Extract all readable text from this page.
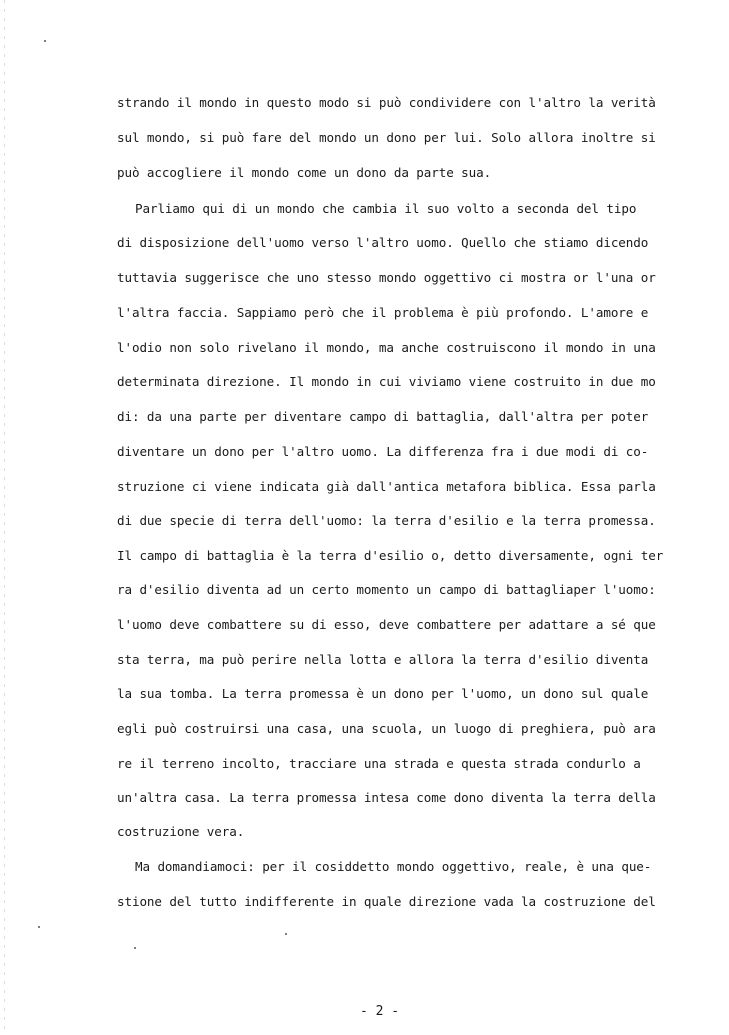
strando il mondo in questo modo si può condividere con l'altro la verità
sul mondo, si può fare del mondo un dono per lui. Solo allora inoltre si
può accogliere il mondo come un dono da parte sua.
Parliamo qui di un mondo che cambia il suo volto a seconda del tipo
di disposizione dell'uomo verso l'altro uomo. Quello che stiamo dicendo
tuttavia suggerisce che uno stesso mondo oggettivo ci mostra or l'una or
l'altra faccia. Sappiamo però che il problema è più profondo. L'amore e
l'odio non solo rivelano il mondo, ma anche costruiscono il mondo in una
determinata direzione. Il mondo in cui viviamo viene costruito in due mo
di: da una parte per diventare campo di battaglia, dall'altra per poter
diventare un dono per l'altro uomo. La differenza fra i due modi di co-
struzione ci viene indicata già dall'antica metafora biblica. Essa parla
di due specie di terra dell'uomo: la terra d'esilio e la terra promessa.
Il campo di battaglia è la terra d'esilio o, detto diversamente, ogni ter
ra d'esilio diventa ad un certo momento un campo di battagliaper l'uomo:
l'uomo deve combattere su di esso, deve combattere per adattare a sé que
sta terra, ma può perire nella lotta e allora la terra d'esilio diventa
la sua tomba. La terra promessa è un dono per l'uomo, un dono sul quale
egli può costruirsi una casa, una scuola, un luogo di preghiera, può ara
re il terreno incolto, tracciare una strada e questa strada condurlo a
un'altra casa. La terra promessa intesa come dono diventa la terra della
costruzione vera.
Ma domandiamoci: per il cosiddetto mondo oggettivo, reale, è una que-
stione del tutto indifferente in quale direzione vada la costruzione del
- 2 -
